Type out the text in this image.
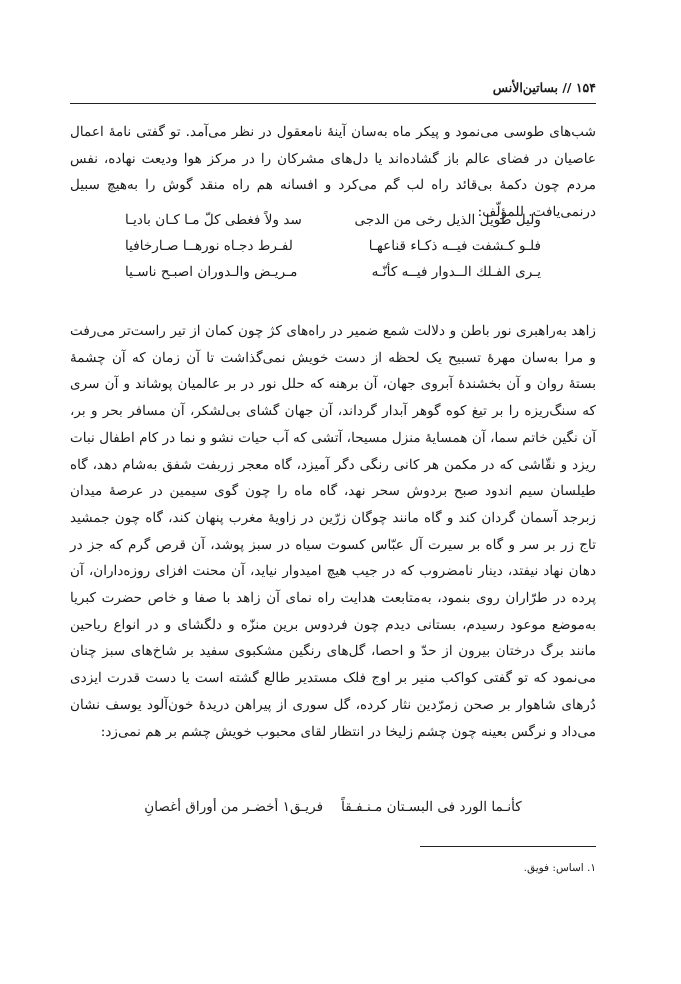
۱۵۴ // بساتین‌الأنس

شب‌های طوسی می‌نمود و پیکر ماه به‌سان آینهٔ نامعقول در نظر می‌آمد. تو گفتی نامهٔ اعمال عاصیان در فضای عالم باز گشاده‌اند یا دل‌های مشرکان را در مرکز هوا ودیعت نهاده، نفس مردم چون دکمهٔ بی‌قائد راه لب گم می‌کرد و افسانه هم راه منقد گوش را به‌هیچ سبیل درنمی‌یافت. للمؤلّف:

ولیل طویل الذیل رخی من الدجی
سد ولاً فغطی کلّ مـا کـان بادیـا
فلـو کـشفت فیــه ذکـاء قناعهـا
لفـرط دجـاه نورهــا صـارخافیا
یـری الفـلك الــدوار فیــه کأنّـه
مـریـض والـدوران اصبـح ناسـیا

زاهد به‌راهبری نور باطن و دلالت شمع ضمیر در راه‌های کژ چون کمان از تیر راست‌تر می‌رفت و مرا به‌سان مهرهٔ تسبیح یک لحظه از دست خویش نمی‌گذاشت تا آن زمان که آن چشمهٔ بستهٔ روان و آن بخشندهٔ آبروی جهان، آن برهنه که حلل نور در بر عالمیان پوشاند و آن سری که سنگ‌ریزه را بر تیغ کوه گوهر آبدار گرداند، آن جهان گشای بی‌لشکر، آن مسافر بحر و بر، آن نگین خاتم سما، آن همسایهٔ منزل مسیحا، آتشی که آب حیات نشو و نما در کام اطفال نبات ریزد و نقّاشی که در مکمن هر کانی رنگی دگر آمیزد، گاه معجر زربفت شفق به‌شام دهد، گاه طیلسان سیم اندود صبح بردوش سحر نهد، گاه ماه را چون گوی سیمین در عرصهٔ میدان زبرجد آسمان گردان کند و گاه مانند چوگان زرّین در زاویهٔ مغرب پنهان کند، گاه چون جمشید تاج زر بر سر و گاه بر سیرت آل عبّاس کسوت سیاه در سبز پوشد، آن قرص گرم که جز در دهان نهاد نیفتد، دینار نامضروب که در جیب هیچ امیدوار نیاید، آن محنت افزای روزه‌داران، آن پرده در طرّاران روی بنمود، به‌متابعت هدایت راه نمای آن زاهد با صفا و خاص حضرت کبریا به‌موضع موعود رسیدم، بستانی دیدم چون فردوس برین منزّه و دلگشای و در انواع ریاحین مانند برگ درختان بیرون از حدّ و احصا، گل‌های رنگین مشکبوی سفید بر شاخ‌های سبز چنان می‌نمود که تو گفتی کواکب منیر بر اوج فلک مستدیر طالع گشته است یا دست قدرت ایزدی دُرهای شاهوار بر صحن زمرّدین نثار کرده، گل سوری از پیراهن دریدهٔ خون‌آلود یوسف نشان می‌داد و نرگس بعینه چون چشم زلیخا در انتظار لقای محبوب خویش چشم بر هم نمی‌زد:

کأنـما الورد فی البسـتان مـنـفـقاً
فریـق۱ أخضـر من أوراق أغصانِ
۱. اساس: فویق.
